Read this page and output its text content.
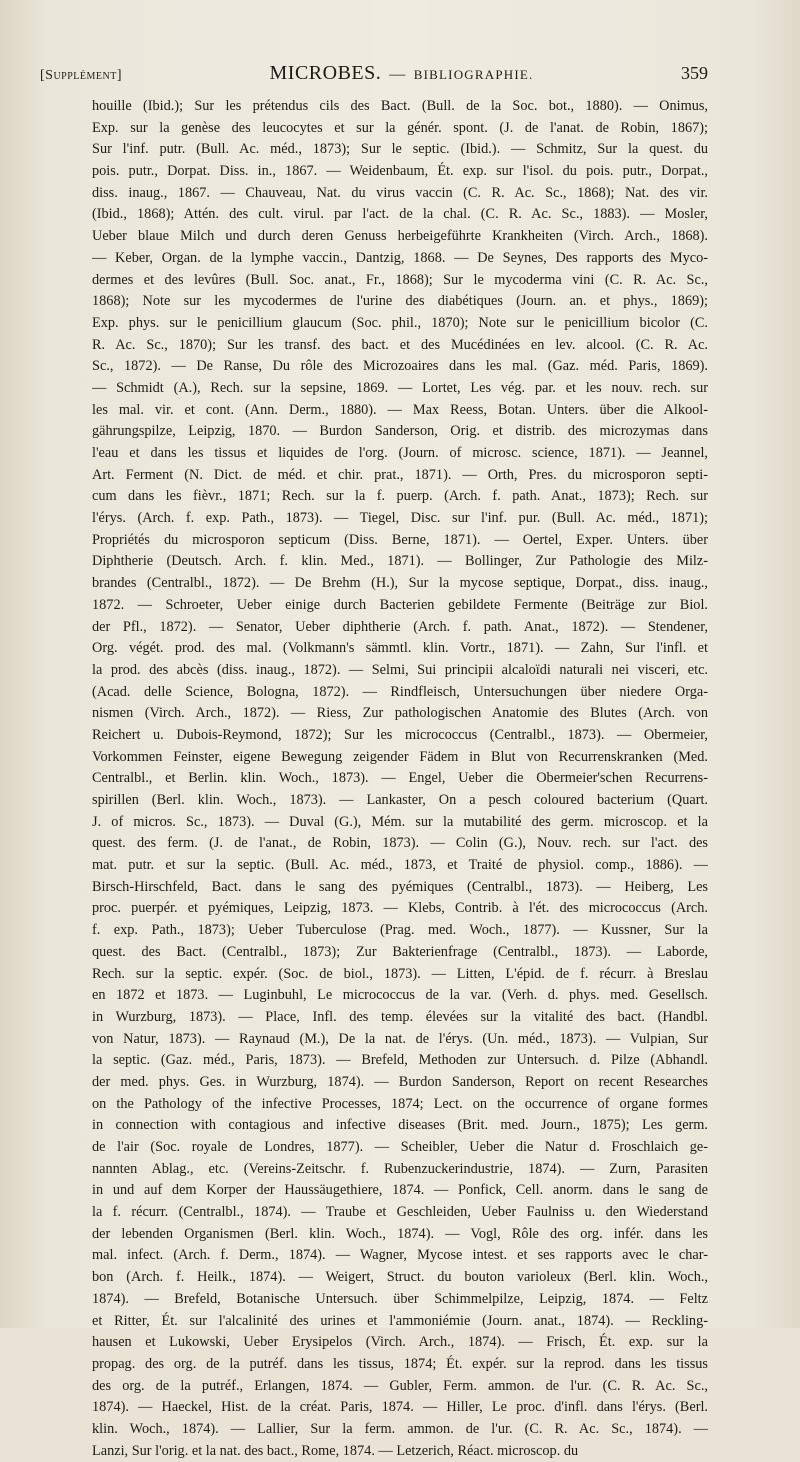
[Supplément]	MICROBES. — BIBLIOGRAPHIE.	359
houille (Ibid.); Sur les prétendus cils des Bact. (Bull. de la Soc. bot., 1880). — Onimus,
Exp. sur la genèse des leucocytes et sur la génér. spont. (J. de l'anat. de Robin, 1867);
Sur l'inf. putr. (Bull. Ac. méd., 1873); Sur le septic. (Ibid.). — Schmitz, Sur la quest. du
pois. putr., Dorpat. Diss. in., 1867. — Weidenbaum, Ét. exp. sur l'isol. du pois. putr., Dorpat.,
diss. inaug., 1867. — Chauveau, Nat. du virus vaccin (C. R. Ac. Sc., 1868); Nat. des vir.
(Ibid., 1868); Attén. des cult. virul. par l'act. de la chal. (C. R. Ac. Sc., 1883). — Mosler,
Ueber blaue Milch und durch deren Genuss herbeigeführte Krankheiten (Virch. Arch., 1868).
— Keber, Organ. de la lymphe vaccin., Dantzig, 1868. — De Seynes, Des rapports des Myco-
dermes et des levûres (Bull. Soc. anat., Fr., 1868); Sur le mycoderma vini (C. R. Ac. Sc.,
1868); Note sur les mycodermes de l'urine des diabétiques (Journ. an. et phys., 1869);
Exp. phys. sur le penicillium glaucum (Soc. phil., 1870); Note sur le penicillium bicolor (C.
R. Ac. Sc., 1870); Sur les transf. des bact. et des Mucédinées en lev. alcool. (C. R. Ac.
Sc., 1872). — De Ranse, Du rôle des Microzoaires dans les mal. (Gaz. méd. Paris, 1869).
— Schmidt (A.), Rech. sur la sepsine, 1869. — Lortet, Les vég. par. et les nouv. rech. sur
les mal. vir. et cont. (Ann. Derm., 1880). — Max Reess, Botan. Unters. über die Alkool-
gährungspilze, Leipzig, 1870. — Burdon Sanderson, Orig. et distrib. des microzymas dans
l'eau et dans les tissus et liquides de l'org. (Journ. of microsc. science, 1871). — Jeannel,
Art. Ferment (N. Dict. de méd. et chir. prat., 1871). — Orth, Pres. du microsporon septi-
cum dans les fièvr., 1871; Rech. sur la f. puerp. (Arch. f. path. Anat., 1873); Rech. sur
l'érys. (Arch. f. exp. Path., 1873). — Tiegel, Disc. sur l'inf. pur. (Bull. Ac. méd., 1871);
Propriétés du microsporon septicum (Diss. Berne, 1871). — Oertel, Exper. Unters. über
Diphtherie (Deutsch. Arch. f. klin. Med., 1871). — Bollinger, Zur Pathologie des Milz-
brandes (Centralbl., 1872). — De Brehm (H.), Sur la mycose septique, Dorpat., diss. inaug.,
1872. — Schroeter, Ueber einige durch Bacterien gebildete Fermente (Beiträge zur Biol.
der Pfl., 1872). — Senator, Ueber diphtherie (Arch. f. path. Anat., 1872). — Stendener,
Org. végét. prod. des mal. (Volkmann's sämmtl. klin. Vortr., 1871). — Zahn, Sur l'infl. et
la prod. des abcès (diss. inaug., 1872). — Selmi, Sui principii alcaloïdi naturali nei visceri, etc.
(Acad. delle Science, Bologna, 1872). — Rindfleisch, Untersuchungen über niedere Orga-
nismen (Virch. Arch., 1872). — Riess, Zur pathologischen Anatomie des Blutes (Arch. von
Reichert u. Dubois-Reymond, 1872); Sur les micrococcus (Centralbl., 1873). — Obermeier,
Vorkommen Feinster, eigene Bewegung zeigender Fädem in Blut von Recurrenskranken (Med.
Centralbl., et Berlin. klin. Woch., 1873). — Engel, Ueber die Obermeier'schen Recurrens-
spirillen (Berl. klin. Woch., 1873). — Lankaster, On a pesch coloured bacterium (Quart.
J. of micros. Sc., 1873). — Duval (G.), Mém. sur la mutabilité des germ. microscop. et la
quest. des ferm. (J. de l'anat., de Robin, 1873). — Colin (G.), Nouv. rech. sur l'act. des
mat. putr. et sur la septic. (Bull. Ac. méd., 1873, et Traité de physiol. comp., 1886). —
Birsch-Hirschfeld, Bact. dans le sang des pyémiques (Centralbl., 1873). — Heiberg, Les
proc. puerpér. et pyémiques, Leipzig, 1873. — Klebs, Contrib. à l'ét. des micrococcus (Arch.
f. exp. Path., 1873); Ueber Tuberculose (Prag. med. Woch., 1877). — Kussner, Sur la
quest. des Bact. (Centralbl., 1873); Zur Bakterienfrage (Centralbl., 1873). — Laborde,
Rech. sur la septic. expér. (Soc. de biol., 1873). — Litten, L'épid. de f. récurr. à Breslau
en 1872 et 1873. — Luginbuhl, Le micrococcus de la var. (Verh. d. phys. med. Gesellsch.
in Wurzburg, 1873). — Place, Infl. des temp. élevées sur la vitalité des bact. (Handbl.
von Natur, 1873). — Raynaud (M.), De la nat. de l'érys. (Un. méd., 1873). — Vulpian, Sur
la septic. (Gaz. méd., Paris, 1873). — Brefeld, Methoden zur Untersuch. d. Pilze (Abhandl.
der med. phys. Ges. in Wurzburg, 1874). — Burdon Sanderson, Report on recent Researches
on the Pathology of the infective Processes, 1874; Lect. on the occurrence of organe formes
in connection with contagious and infective diseases (Brit. med. Journ., 1875); Les germ.
de l'air (Soc. royale de Londres, 1877). — Scheibler, Ueber die Natur d. Froschlaich ge-
nannten Ablag., etc. (Vereins-Zeitschr. f. Rubenzuckerindustrie, 1874). — Zurn, Parasiten
in und auf dem Korper der Haussäugethiere, 1874. — Ponfick, Cell. anorm. dans le sang de
la f. récurr. (Centralbl., 1874). — Traube et Geschleiden, Ueber Faulniss u. den Wiederstand
der lebenden Organismen (Berl. klin. Woch., 1874). — Vogl, Rôle des org. infér. dans les
mal. infect. (Arch. f. Derm., 1874). — Wagner, Mycose intest. et ses rapports avec le char-
bon (Arch. f. Heilk., 1874). — Weigert, Struct. du bouton varioleux (Berl. klin. Woch.,
1874). — Brefeld, Botanische Untersuch. über Schimmelpilze, Leipzig, 1874. — Feltz
et Ritter, Ét. sur l'alcalinité des urines et l'ammoniémie (Journ. anat., 1874). — Reckling-
hausen et Lukowski, Ueber Erysipelos (Virch. Arch., 1874). — Frisch, Ét. exp. sur la
propag. des org. de la putréf. dans les tissus, 1874; Ét. expér. sur la reprod. dans les tissus
des org. de la putréf., Erlangen, 1874. — Gubler, Ferm. ammon. de l'ur. (C. R. Ac. Sc.,
1874). — Haeckel, Hist. de la créat. Paris, 1874. — Hiller, Le proc. d'infl. dans l'érys. (Berl.
klin. Woch., 1874). — Lallier, Sur la ferm. ammon. de l'ur. (C. R. Ac. Sc., 1874). —
Lanzi, Sur l'orig. et la nat. des bact., Rome, 1874. — Letzerich, Réact. microscop. du
